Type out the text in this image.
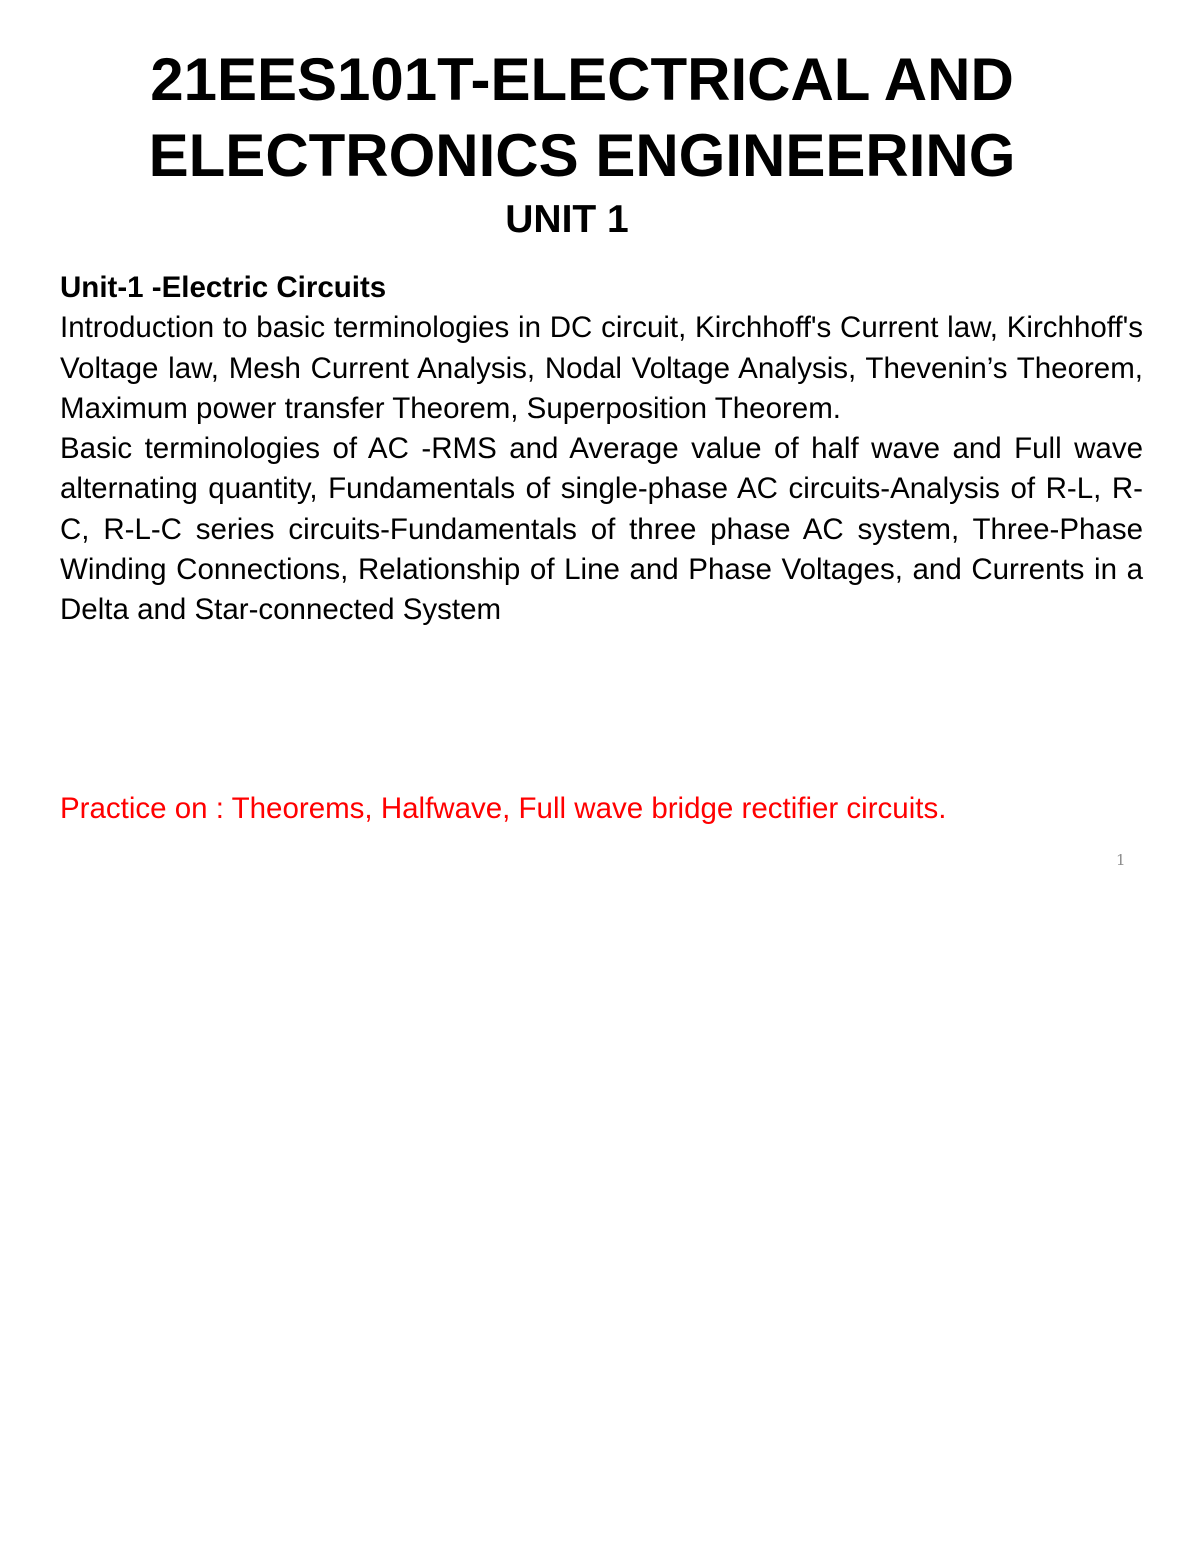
21EES101T-ELECTRICAL AND
ELECTRONICS ENGINEERING
UNIT 1
Unit-1 -Electric Circuits
Introduction to basic terminologies in DC circuit, Kirchhoff's Current law, Kirchhoff's Voltage law, Mesh Current Analysis, Nodal Voltage Analysis, Thevenin’s Theorem, Maximum power transfer Theorem, Superposition Theorem.
Basic terminologies of AC -RMS and Average value of half wave and Full wave alternating quantity, Fundamentals of single-phase AC circuits-Analysis of R-L, R-C, R-L-C series circuits-Fundamentals of three phase AC system, Three-Phase Winding Connections, Relationship of Line and Phase Voltages, and Currents in a Delta and Star-connected System
Practice on : Theorems, Halfwave, Full wave bridge rectifier circuits.
1
